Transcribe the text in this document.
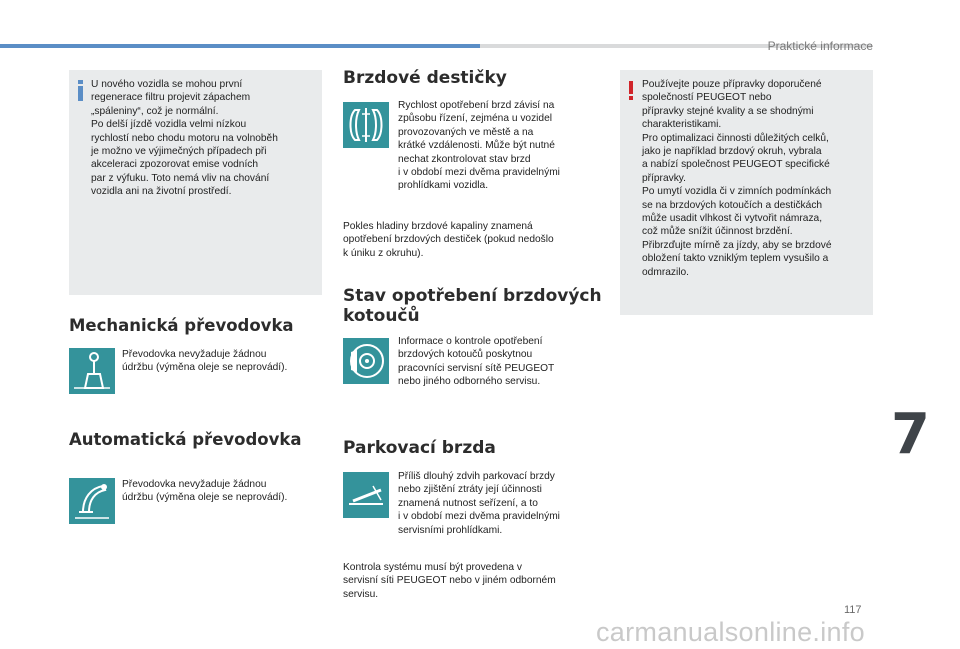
Praktické informace
U nového vozidla se mohou první
regenerace filtru projevit zápachem
„spáleniny“, což je normální.
Po delší jízdě vozidla velmi nízkou
rychlostí nebo chodu motoru na volnoběh
je možno ve výjimečných případech při
akceleraci zpozorovat emise vodních
par z výfuku. Toto nemá vliv na chování
vozidla ani na životní prostředí.
Mechanická převodovka
Převodovka nevyžaduje žádnou
údržbu (výměna oleje se neprovádí).
Automatická převodovka
Převodovka nevyžaduje žádnou
údržbu (výměna oleje se neprovádí).
Brzdové destičky
Rychlost opotřebení brzd závisí na
způsobu řízení, zejména u vozidel
provozovaných ve městě a na
krátké vzdálenosti. Může být nutné
nechat zkontrolovat stav brzd
i v období mezi dvěma pravidelnými
prohlídkami vozidla.
Pokles hladiny brzdové kapaliny znamená
opotřebení brzdových destiček (pokud nedošlo
k úniku z okruhu).
Stav opotřebení brzdových
kotoučů
Informace o kontrole opotřebení
brzdových kotoučů poskytnou
pracovníci servisní sítě PEUGEOT
nebo jiného odborného servisu.
Parkovací brzda
Příliš dlouhý zdvih parkovací brzdy
nebo zjištění ztráty její účinnosti
znamená nutnost seřízení, a to
i v období mezi dvěma pravidelnými
servisními prohlídkami.
Kontrola systému musí být provedena v
servisní síti PEUGEOT nebo v jiném odborném
servisu.
Používejte pouze přípravky doporučené
společností PEUGEOT nebo
přípravky stejné kvality a se shodnými
charakteristikami.
Pro optimalizaci činnosti důležitých celků,
jako je například brzdový okruh, vybrala
a nabízí společnost PEUGEOT specifické
přípravky.
Po umytí vozidla či v zimních podmínkách
se na brzdových kotoučích a destičkách
může usadit vlhkost či vytvořit námraza,
což může snížit účinnost brzdění.
Přibrzďujte mírně za jízdy, aby se brzdové
obložení takto vzniklým teplem vysušilo a
odmrazilo.
7
117
carmanualsonline.info
